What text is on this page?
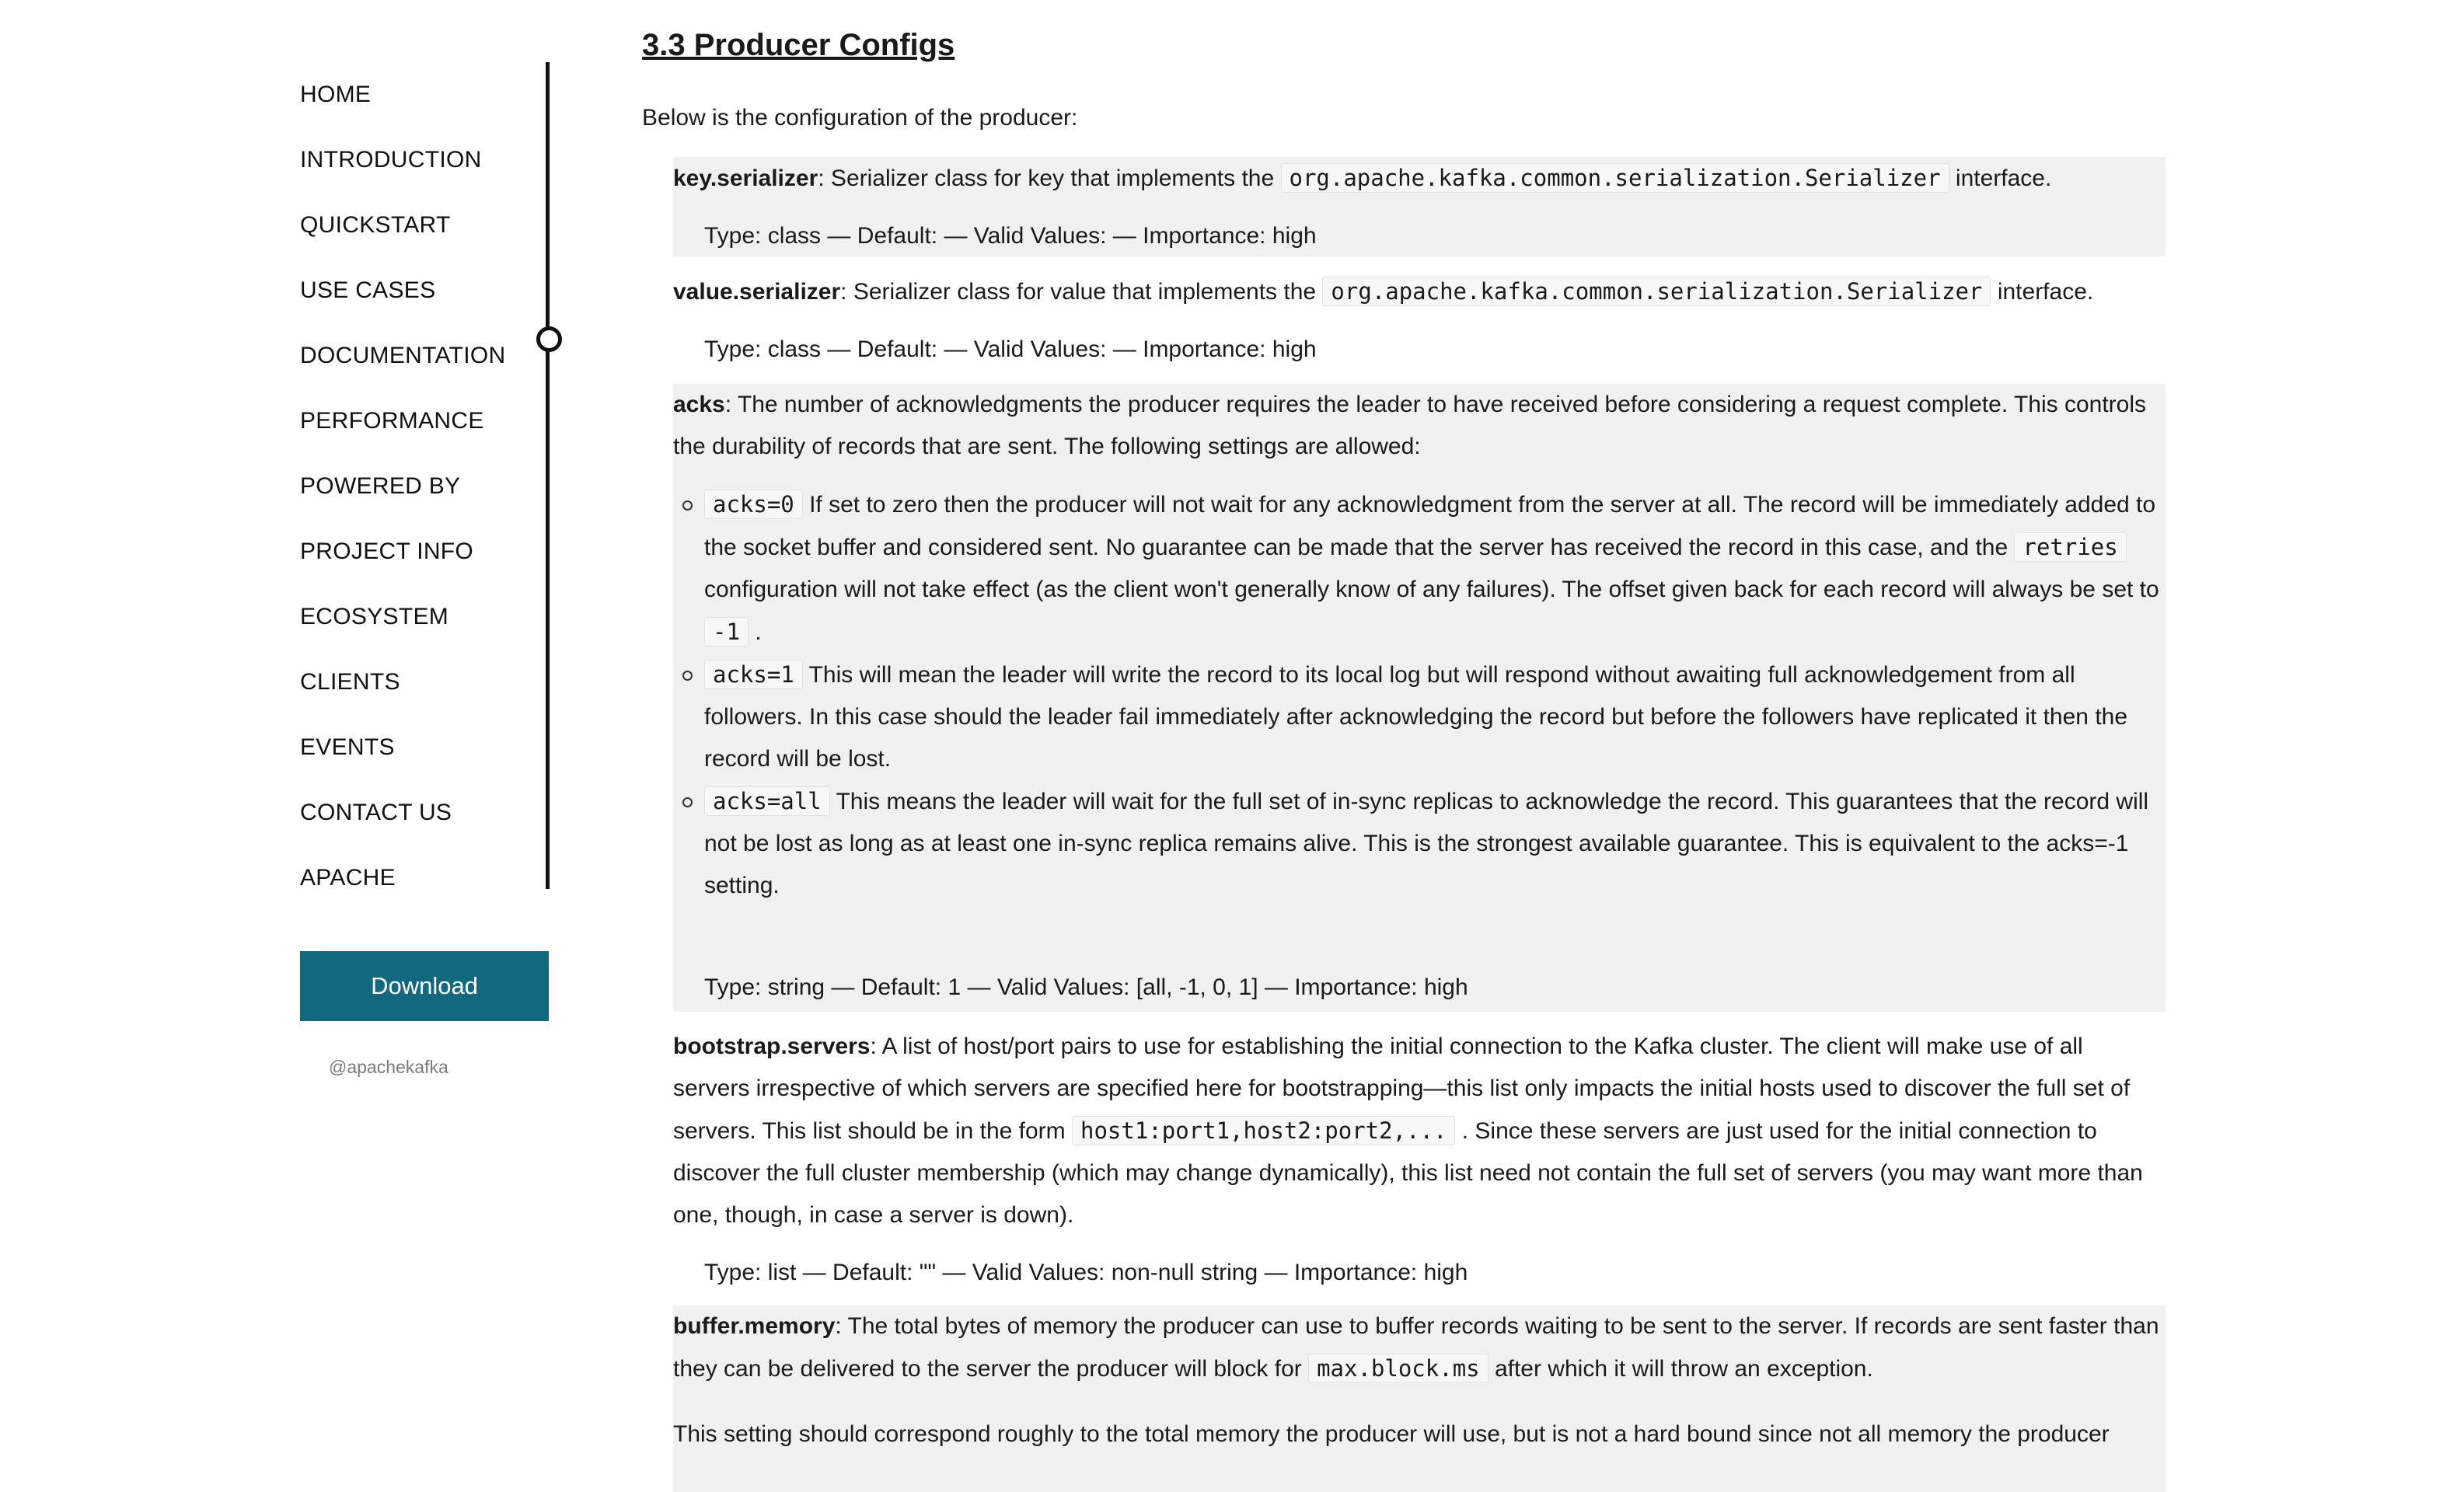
HOME
INTRODUCTION
QUICKSTART
USE CASES
DOCUMENTATION
PERFORMANCE
POWERED BY
PROJECT INFO
ECOSYSTEM
CLIENTS
EVENTS
CONTACT US
APACHE
Download
@apachekafka
3.3 Producer Configs
Below is the configuration of the producer:

key.serializer: Serializer class for key that implements the org.apache.kafka.common.serialization.Serializer interface.

Type: class — Default: — Valid Values: — Importance: high

value.serializer: Serializer class for value that implements the org.apache.kafka.common.serialization.Serializer interface.

Type: class — Default: — Valid Values: — Importance: high

acks: The number of acknowledgments the producer requires the leader to have received before considering a request complete. This controls the durability of records that are sent. The following settings are allowed:

acks=0 If set to zero then the producer will not wait for any acknowledgment from the server at all. The record will be immediately added to the socket buffer and considered sent. No guarantee can be made that the server has received the record in this case, and the retries configuration will not take effect (as the client won't generally know of any failures). The offset given back for each record will always be set to -1 .
acks=1 This will mean the leader will write the record to its local log but will respond without awaiting full acknowledgement from all followers. In this case should the leader fail immediately after acknowledging the record but before the followers have replicated it then the record will be lost.
acks=all This means the leader will wait for the full set of in-sync replicas to acknowledge the record. This guarantees that the record will not be lost as long as at least one in-sync replica remains alive. This is the strongest available guarantee. This is equivalent to the acks=-1 setting.

Type: string — Default: 1 — Valid Values: [all, -1, 0, 1] — Importance: high

bootstrap.servers: A list of host/port pairs to use for establishing the initial connection to the Kafka cluster. The client will make use of all servers irrespective of which servers are specified here for bootstrapping—this list only impacts the initial hosts used to discover the full set of servers. This list should be in the form host1:port1,host2:port2,... . Since these servers are just used for the initial connection to discover the full cluster membership (which may change dynamically), this list need not contain the full set of servers (you may want more than one, though, in case a server is down).

Type: list — Default: "" — Valid Values: non-null string — Importance: high

buffer.memory: The total bytes of memory the producer can use to buffer records waiting to be sent to the server. If records are sent faster than they can be delivered to the server the producer will block for max.block.ms after which it will throw an exception.

This setting should correspond roughly to the total memory the producer will use, but is not a hard bound since not all memory the producer
